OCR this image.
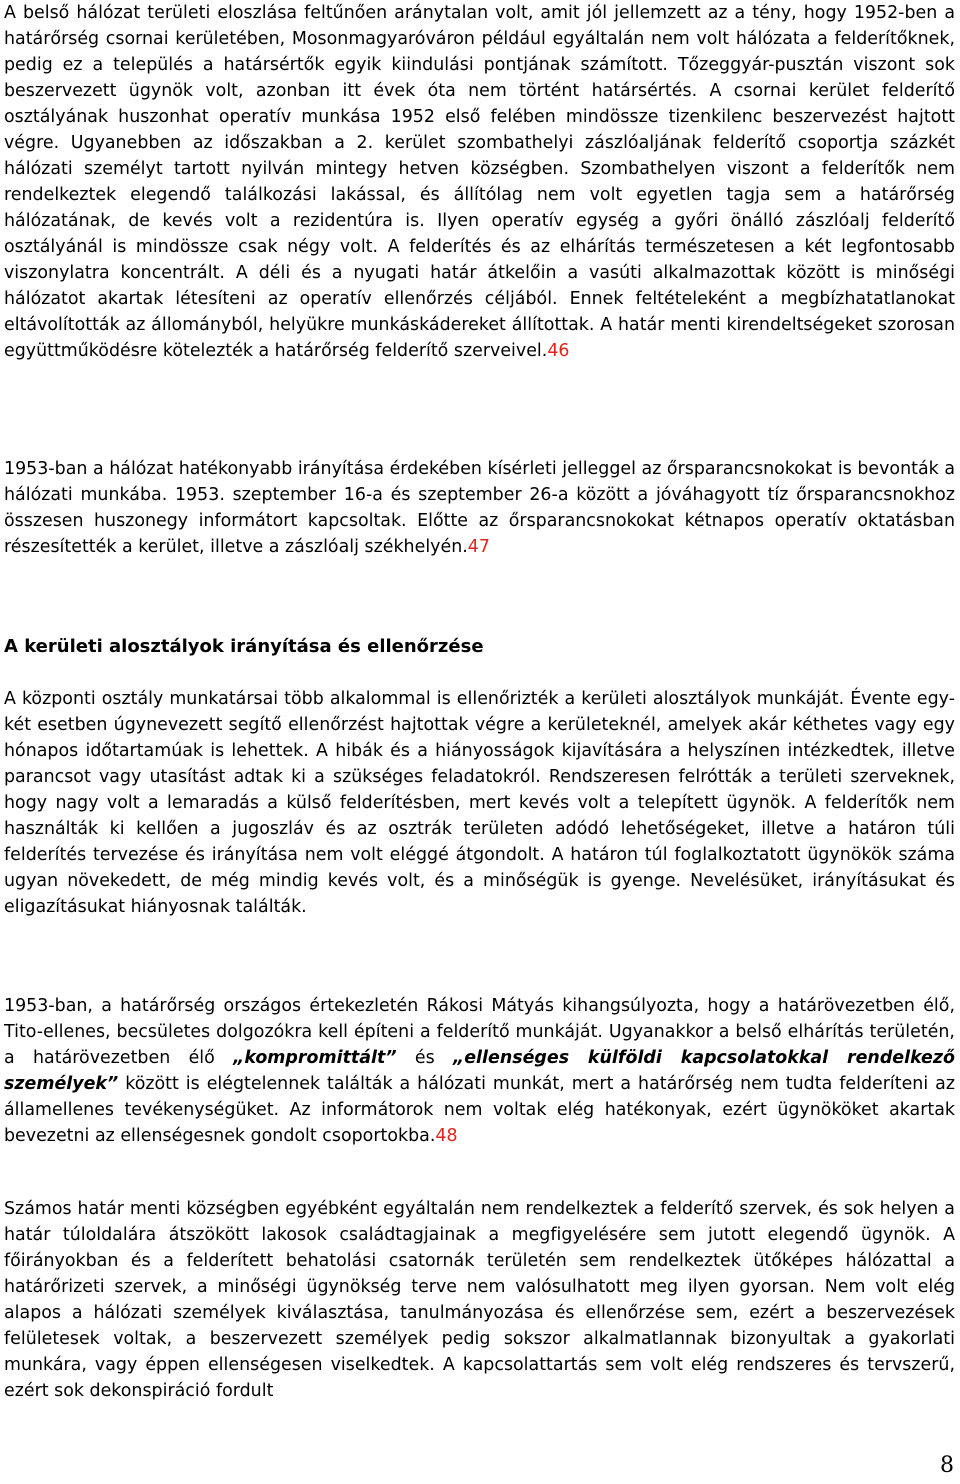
A belső hálózat területi eloszlása feltűnően aránytalan volt, amit jól jellemzett az a tény, hogy 1952-ben a határőrség csornai kerületében, Mosonmagyaróváron például egyáltalán nem volt hálózata a felderítőknek, pedig ez a település a határsértők egyik kiindulási pontjának számított. Tőzeggyár-pusztán viszont sok beszervezett ügynök volt, azonban itt évek óta nem történt határsértés. A csornai kerület felderítő osztályának huszonhat operatív munkása 1952 első felében mindössze tizenkilenc beszervezést hajtott végre. Ugyanebben az időszakban a 2. kerület szombathelyi zászlóaljának felderítő csoportja százkét hálózati személyt tartott nyilván mintegy hetven községben. Szombathelyen viszont a felderítők nem rendelkeztek elegendő találkozási lakással, és állítólag nem volt egyetlen tagja sem a határőrség hálózatának, de kevés volt a rezidentúra is. Ilyen operatív egység a győri önálló zászlóalj felderítő osztályánál is mindössze csak négy volt. A felderítés és az elhárítás természetesen a két legfontosabb viszonylatra koncentrált. A déli és a nyugati határ átkelőin a vasúti alkalmazottak között is minőségi hálózatot akartak létesíteni az operatív ellenőrzés céljából. Ennek feltételeként a megbízhatatlanokat eltávolították az állományból, helyükre munkáskádereket állítottak. A határ menti kirendeltségeket szorosan együttműködésre kötelezték a határőrség felderítő szerveivel.46

1953-ban a hálózat hatékonyabb irányítása érdekében kísérleti jelleggel az őrsparancsnokokat is bevonták a hálózati munkába. 1953. szeptember 16-a és szeptember 26-a között a jóváhagyott tíz őrsparancsnokhoz összesen huszonegy informátort kapcsoltak. Előtte az őrsparancsnokokat kétnapos operatív oktatásban részesítették a kerület, illetve a zászlóalj székhelyén.47

A kerületi alosztályok irányítása és ellenőrzése

A központi osztály munkatársai több alkalommal is ellenőrizték a kerületi alosztályok munkáját. Évente egy-két esetben úgynevezett segítő ellenőrzést hajtottak végre a kerületeknél, amelyek akár kéthetes vagy egy hónapos időtartamúak is lehettek. A hibák és a hiányosságok kijavítására a helyszínen intézkedtek, illetve parancsot vagy utasítást adtak ki a szükséges feladatokról. Rendszeresen felrótták a területi szerveknek, hogy nagy volt a lemaradás a külső felderítésben, mert kevés volt a telepített ügynök. A felderítők nem használták ki kellően a jugoszláv és az osztrák területen adódó lehetőségeket, illetve a határon túli felderítés tervezése és irányítása nem volt eléggé átgondolt. A határon túl foglalkoztatott ügynökök száma ugyan növekedett, de még mindig kevés volt, és a minőségük is gyenge. Nevelésüket, irányításukat és eligazításukat hiányosnak találták.

1953-ban, a határőrség országos értekezletén Rákosi Mátyás kihangsúlyozta, hogy a határövezetben élő, Tito-ellenes, becsületes dolgozókra kell építeni a felderítő munkáját. Ugyanakkor a belső elhárítás területén, a határövezetben élő „kompromittált” és „ellenséges külföldi kapcsolatokkal rendelkező személyek” között is elégtelennek találták a hálózati munkát, mert a határőrség nem tudta felderíteni az államellenes tevékenységüket. Az informátorok nem voltak elég hatékonyak, ezért ügynököket akartak bevezetni az ellenségesnek gondolt csoportokba.48

Számos határ menti községben egyébként egyáltalán nem rendelkeztek a felderítő szervek, és sok helyen a határ túloldalára átszökött lakosok családtagjainak a megfigyelésére sem jutott elegendő ügynök. A főirányokban és a felderített behatolási csatornák területén sem rendelkeztek ütőképes hálózattal a határőrizeti szervek, a minőségi ügynökség terve nem valósulhatott meg ilyen gyorsan. Nem volt elég alapos a hálózati személyek kiválasztása, tanulmányozása és ellenőrzése sem, ezért a beszervezések felületesek voltak, a beszervezett személyek pedig sokszor alkalmatlannak bizonyultak a gyakorlati munkára, vagy éppen ellenségesen viselkedtek. A kapcsolattartás sem volt elég rendszeres és tervszerű, ezért sok dekonspiráció fordult

8
